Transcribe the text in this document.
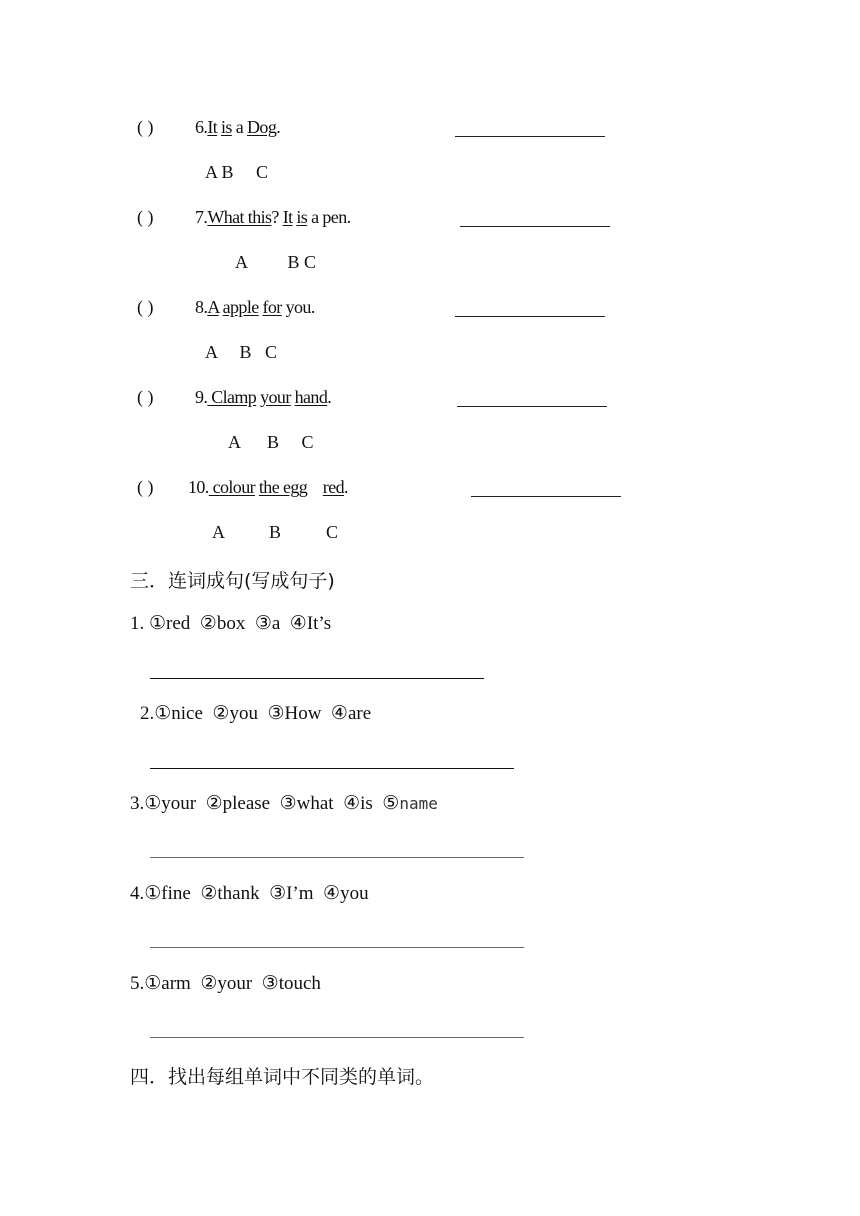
( ) 6.It is a Dog.
A B     C
( ) 7.What this? It is a pen.
A         B C
( ) 8.A apple for you.
A     B   C
( ) 9. Clamp your hand.
A      B     C
( ) 10. colour the egg red.
A          B          C
三．连词成句(写成句子)
1. ①red  ②box  ③a  ④It’s
2.①nice  ②you  ③How  ④are
3.①your  ②please  ③what  ④is  ⑤name
4.①fine  ②thank  ③I’m  ④you
5.①arm  ②your  ③touch
四．找出每组单词中不同类的单词。
